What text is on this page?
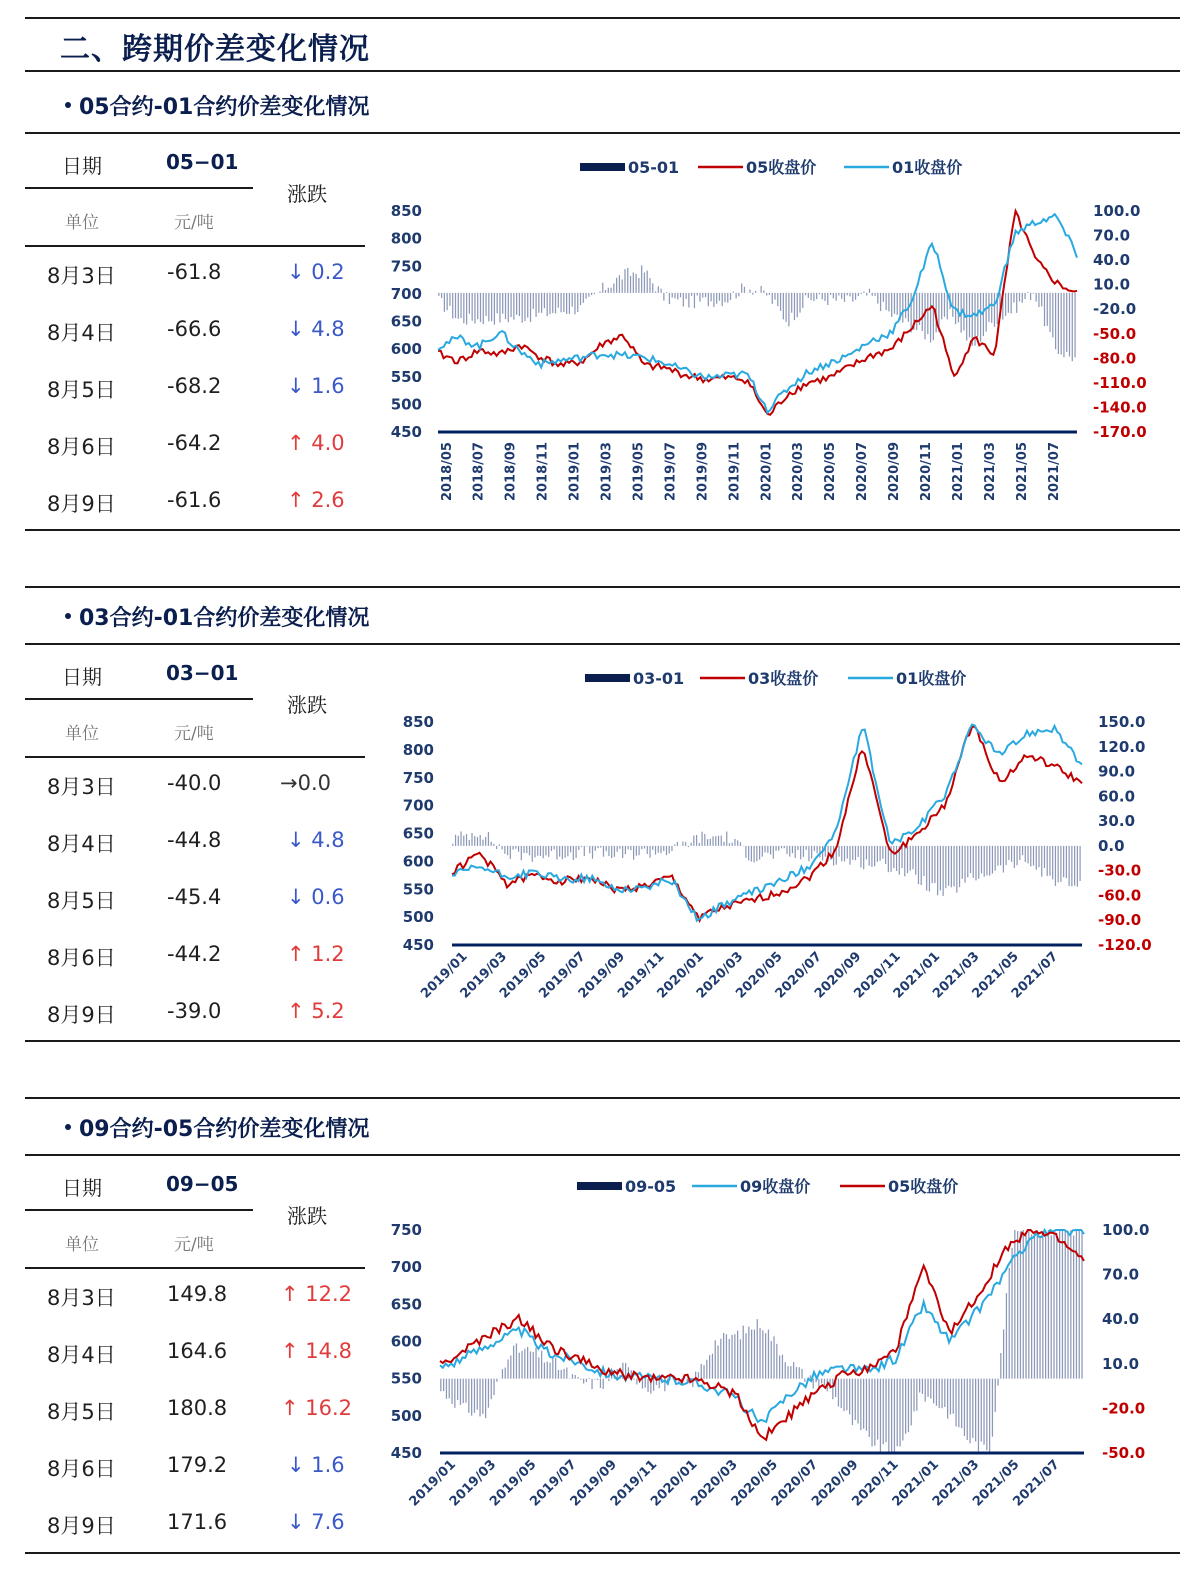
二、跨期价差变化情况
05合约-01合约价差变化情况
日期	05−01
涨跌
单位	元/吨
8月3日 -61.8	↓ 0.2
8月4日 -66.6	↓ 4.8
8月5日 -68.2	↓ 1.6
8月6日 -64.2	↑ 4.0
8月9日 -61.6	↑ 2.6
03合约-01合约价差变化情况
日期	03−01
涨跌
单位	元/吨
8月3日 -40.0	→0.0
8月4日 -44.8	↓ 4.8
8月5日 -45.4	↓ 0.6
8月6日 -44.2	↑ 1.2
8月9日 -39.0	↑ 5.2
09合约-05合约价差变化情况
日期	09−05
涨跌
单位	元/吨
8月3日 149.8	↑ 12.2
8月4日 164.6	↑ 14.8
8月5日 180.8	↑ 16.2
8月6日 179.2	↓ 1.6
8月9日 171.6	↓ 7.6
05-01	05收盘价	01收盘价
450
500
550
600
650
700
750
800
850	100.0
70.0
40.0
10.0
-20.0
-50.0
-80.0
-110.0
-140.0
-170.0
2018/05 2018/07 2018/09 2018/11 2019/01 2019/03 2019/05 2019/07 2019/09 2019/11 2020/01 2020/03 2020/05 2020/07 2020/09 2020/11 2021/01 2021/03 2021/05 2021/07
03-01	03收盘价	01收盘价
450
500
550
600
650
700
750
800
850	150.0
120.0
90.0
60.0
30.0
0.0
-30.0
-60.0
-90.0
-120.0
2019/01
2019/03
2019/05
2019/07
2019/09
2019/11
2020/01
2020/03
2020/05
2020/07
2020/09
2020/11
2021/01
2021/03
2021/05
2021/07
09-05	09收盘价	05收盘价
450
500
550
600
650
700
750	100.0
70.0
40.0
10.0
-20.0
-50.0
2019/01
2019/03
2019/05
2019/07
2019/09
2019/11
2020/01
2020/03
2020/05
2020/07
2020/09
2020/11
2021/01
2021/03
2021/05
2021/07
